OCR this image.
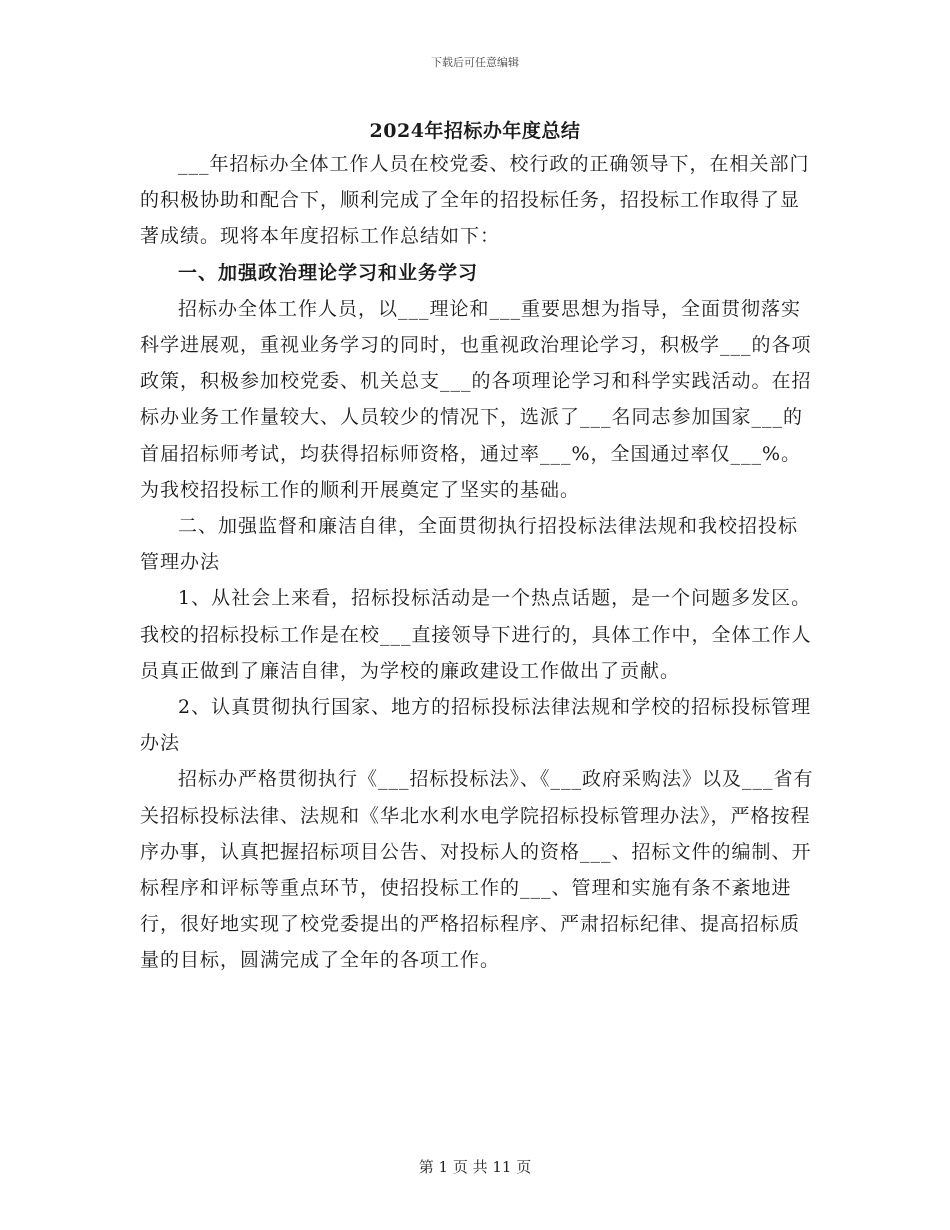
下载后可任意编辑
2024年招标办年度总结

___年招标办全体工作人员在校党委、校行政的正确领导下，在相关部门的积极协助和配合下，顺利完成了全年的招投标任务，招投标工作取得了显著成绩。现将本年度招标工作总结如下：

一、加强政治理论学习和业务学习

招标办全体工作人员，以___理论和___重要思想为指导，全面贯彻落实科学进展观，重视业务学习的同时，也重视政治理论学习，积极学___的各项政策，积极参加校党委、机关总支___的各项理论学习和科学实践活动。在招标办业务工作量较大、人员较少的情况下，选派了___名同志参加国家___的首届招标师考试，均获得招标师资格，通过率___%，全国通过率仅___%。为我校招投标工作的顺利开展奠定了坚实的基础。

二、加强监督和廉洁自律，全面贯彻执行招投标法律法规和我校招投标管理办法

1、从社会上来看，招标投标活动是一个热点话题，是一个问题多发区。我校的招标投标工作是在校___直接领导下进行的，具体工作中，全体工作人员真正做到了廉洁自律，为学校的廉政建设工作做出了贡献。

2、认真贯彻执行国家、地方的招标投标法律法规和学校的招标投标管理办法

招标办严格贯彻执行《___招标投标法》、《___政府采购法》以及___省有关招标投标法律、法规和《华北水利水电学院招标投标管理办法》，严格按程序办事，认真把握招标项目公告、对投标人的资格___、招标文件的编制、开标程序和评标等重点环节，使招投标工作的___、管理和实施有条不紊地进行，很好地实现了校党委提出的严格招标程序、严肃招标纪律、提高招标质量的目标，圆满完成了全年的各项工作。

第 1 页 共 11 页
